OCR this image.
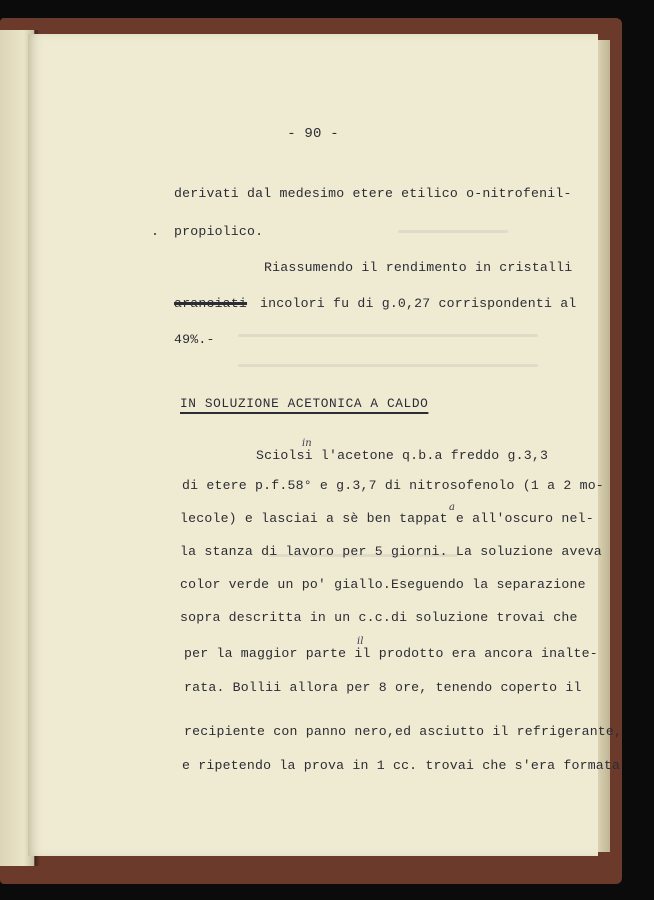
- 90 -

derivati dal medesimo etere etilico o-nitrofenil-

propiolico.

Riassumendo il rendimento in cristalli

aranciati incolori fu di g.0,27 corrispondenti al

49%.-

IN SOLUZIONE ACETONICA A CALDO

in

Sciolsi l'acetone q.b.a freddo g.3,3

di etere p.f.58° e g.3,7 di nitrosofenolo (1 a 2 mo-

a

lecole) e lasciai a sè ben tappat e all'oscuro nel-

la stanza di lavoro per 5 giorni. La soluzione aveva

color verde un po' giallo.Eseguendo la separazione

sopra descritta in un c.c.di soluzione trovai che

il

per la maggior parte il prodotto era ancora inalte-

rata. Bollii allora per 8 ore, tenendo coperto il

recipiente con panno nero,ed asciutto il refrigerante,

e ripetendo la prova in 1 cc. trovai che s'era formata
